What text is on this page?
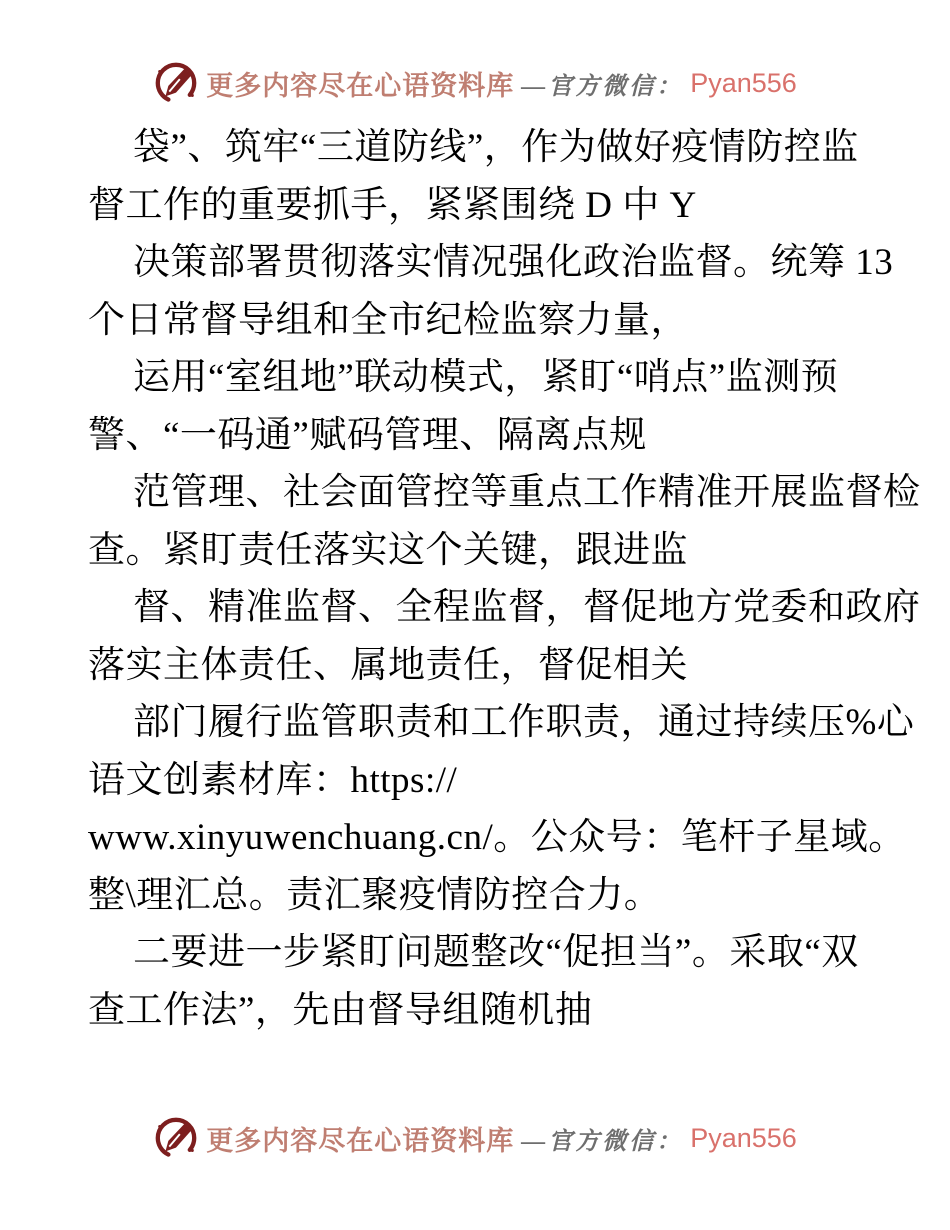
更多内容尽在心语资料库 —官方微信： Pyan556
袋”、筑牢“三道防线”，作为做好疫情防控监
督工作的重要抓手，紧紧围绕 D 中 Y
决策部署贯彻落实情况强化政治监督。统筹 13
个日常督导组和全市纪检监察力量，
运用“室组地”联动模式，紧盯“哨点”监测预
警、“一码通”赋码管理、隔离点规
范管理、社会面管控等重点工作精准开展监督检
查。紧盯责任落实这个关键，跟进监
督、精准监督、全程监督，督促地方党委和政府
落实主体责任、属地责任，督促相关
部门履行监管职责和工作职责，通过持续压%心
语文创素材库：https://
www.xinyuwenchuang.cn/。公众号：笔杆子星域。
整\理汇总。责汇聚疫情防控合力。
二要进一步紧盯问题整改“促担当”。采取“双
查工作法”，先由督导组随机抽
更多内容尽在心语资料库 —官方微信： Pyan556
